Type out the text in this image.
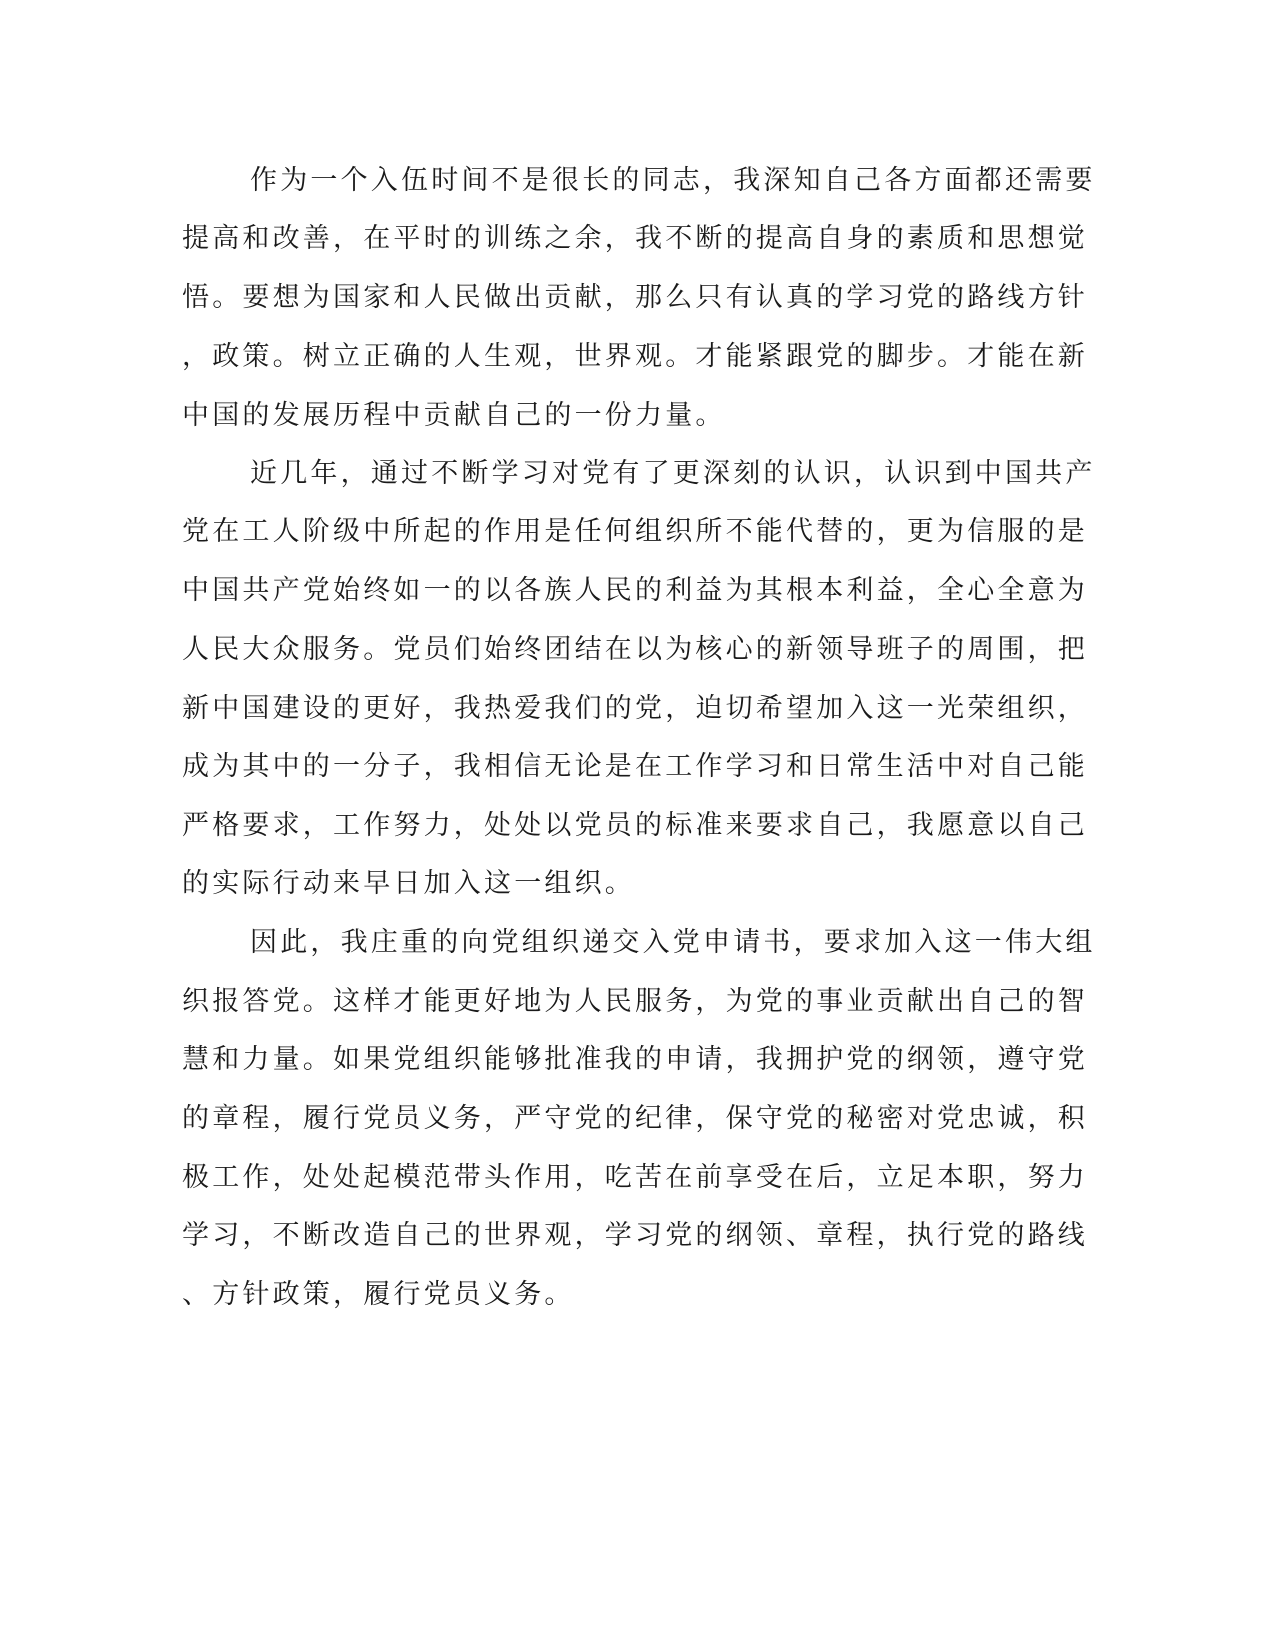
作为一个入伍时间不是很长的同志，我深知自己各方面都还需要

提高和改善，在平时的训练之余，我不断的提高自身的素质和思想觉

悟。要想为国家和人民做出贡献，那么只有认真的学习党的路线方针

，政策。树立正确的人生观，世界观。才能紧跟党的脚步。才能在新

中国的发展历程中贡献自己的一份力量。

近几年，通过不断学习对党有了更深刻的认识，认识到中国共产

党在工人阶级中所起的作用是任何组织所不能代替的，更为信服的是

中国共产党始终如一的以各族人民的利益为其根本利益，全心全意为

人民大众服务。党员们始终团结在以为核心的新领导班子的周围，把

新中国建设的更好，我热爱我们的党，迫切希望加入这一光荣组织，

成为其中的一分子，我相信无论是在工作学习和日常生活中对自己能

严格要求，工作努力，处处以党员的标准来要求自己，我愿意以自己

的实际行动来早日加入这一组织。

因此，我庄重的向党组织递交入党申请书，要求加入这一伟大组

织报答党。这样才能更好地为人民服务，为党的事业贡献出自己的智

慧和力量。如果党组织能够批准我的申请，我拥护党的纲领，遵守党

的章程，履行党员义务，严守党的纪律，保守党的秘密对党忠诚，积

极工作，处处起模范带头作用，吃苦在前享受在后，立足本职，努力

学习，不断改造自己的世界观，学习党的纲领、章程，执行党的路线

、方针政策，履行党员义务。
